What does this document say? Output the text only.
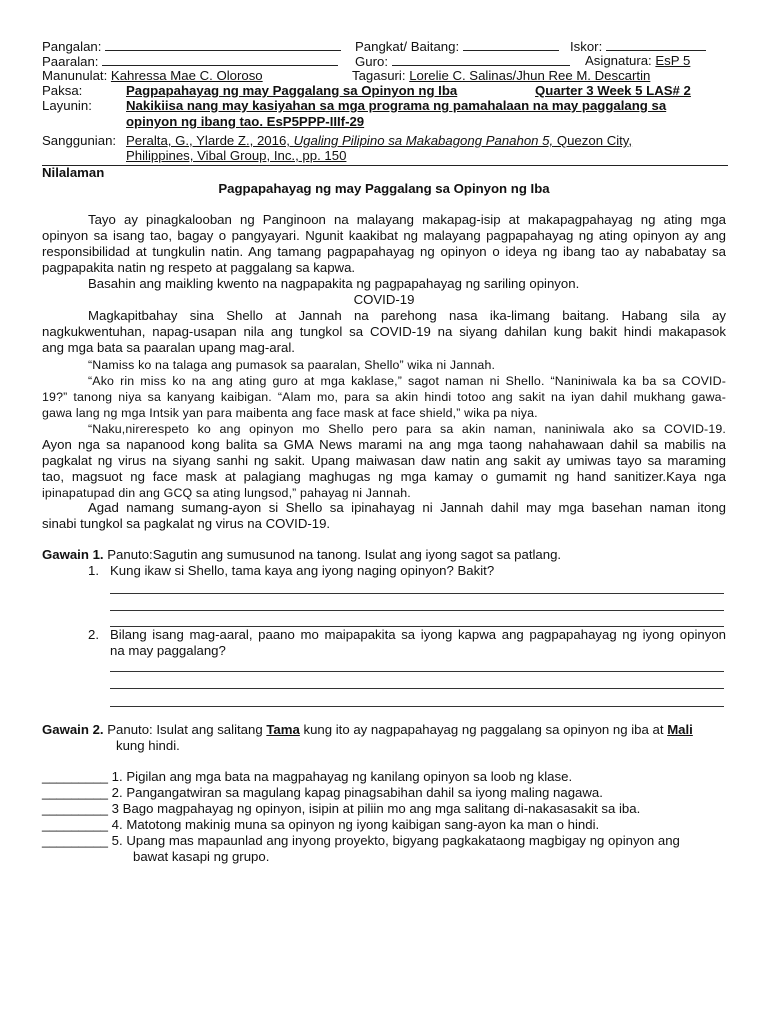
Pangalan:	Pangkat/ Baitang:	Iskor:
Paaralan:	Guro:	Asignatura: EsP 5
Manunulat: Kahressa Mae C. Oloroso	Tagasuri: Lorelie C. Salinas/Jhun Ree M. Descartin
Paksa:	Pagpapahayag ng may Paggalang sa Opinyon ng Iba	Quarter 3 Week 5 LAS# 2
Layunin:	Nakikiisa nang may kasiyahan sa mga programa ng pamahalaan na may paggalang sa
opinyon ng ibang tao. EsP5PPP-IIIf-29
Sanggunian: Peralta, G., Ylarde Z., 2016, Ugaling Pilipino sa Makabagong Panahon 5, Quezon City,
Philippines, Vibal Group, Inc., pp. 150
Nilalaman
Pagpapahayag ng may Paggalang sa Opinyon ng Iba
Tayo ay pinagkalooban ng Panginoon na malayang makapag-isip at makapagpahayag ng ating mga
opinyon sa isang tao, bagay o pangyayari. Ngunit kaakibat ng malayang pagpapahayag ng ating opinyon ay ang
responsibilidad at tungkulin natin. Ang tamang pagpapahayag ng opinyon o ideya ng ibang tao ay nababatay sa
pagpapakita natin ng respeto at paggalang sa kapwa.
Basahin ang maikling kwento na nagpapakita ng pagpapahayag ng sariling opinyon.
COVID-19
Magkapitbahay sina Shello at Jannah na parehong nasa ika-limang baitang. Habang sila ay
nagkukwentuhan, napag-usapan nila ang tungkol sa COVID-19 na siyang dahilan kung bakit hindi makapasok
ang mga bata sa paaralan upang mag-aral.
“Namiss ko na talaga ang pumasok sa paaralan, Shello” wika ni Jannah.
“Ako rin miss ko na ang ating guro at mga kaklase,” sagot naman ni Shello. “Naniniwala ka ba sa COVID-
19?” tanong niya sa kanyang kaibigan. “Alam mo, para sa akin hindi totoo ang sakit na iyan dahil mukhang gawa-
gawa lang ng mga Intsik yan para maibenta ang face mask at face shield,” wika pa niya.
“Naku,nirerespeto ko ang opinyon mo Shello pero para sa akin naman, naniniwala ako sa COVID-19.
Ayon nga sa napanood kong balita sa GMA News marami na ang mga taong nahahawaan dahil sa mabilis na
pagkalat ng virus na siyang sanhi ng sakit. Upang maiwasan daw natin ang sakit ay umiwas tayo sa maraming
tao, magsuot ng face mask at palagiang maghugas ng mga kamay o gumamit ng hand sanitizer.Kaya nga
ipinapatupad din ang GCQ sa ating lungsod,” pahayag ni Jannah.
Agad namang sumang-ayon si Shello sa ipinahayag ni Jannah dahil may mga basehan naman itong
sinabi tungkol sa pagkalat ng virus na COVID-19.
Gawain 1. Panuto:Sagutin ang sumusunod na tanong. Isulat ang iyong sagot sa patlang.
1. Kung ikaw si Shello, tama kaya ang iyong naging opinyon? Bakit?
2. Bilang isang mag-aaral, paano mo maipapakita sa iyong kapwa ang pagpapahayag ng iyong opinyon
na may paggalang?
Gawain 2. Panuto: Isulat ang salitang Tama kung ito ay nagpapahayag ng paggalang sa opinyon ng iba at Mali
kung hindi.
_________ 1. Pigilan ang mga bata na magpahayag ng kanilang opinyon sa loob ng klase.
_________ 2. Pangangatwiran sa magulang kapag pinagsabihan dahil sa iyong maling nagawa.
_________ 3 Bago magpahayag ng opinyon, isipin at piliin mo ang mga salitang di-nakasasakit sa iba.
_________ 4. Matotong makinig muna sa opinyon ng iyong kaibigan sang-ayon ka man o hindi.
_________ 5. Upang mas mapaunlad ang inyong proyekto, bigyang pagkakataong magbigay ng opinyon ang
bawat kasapi ng grupo.
